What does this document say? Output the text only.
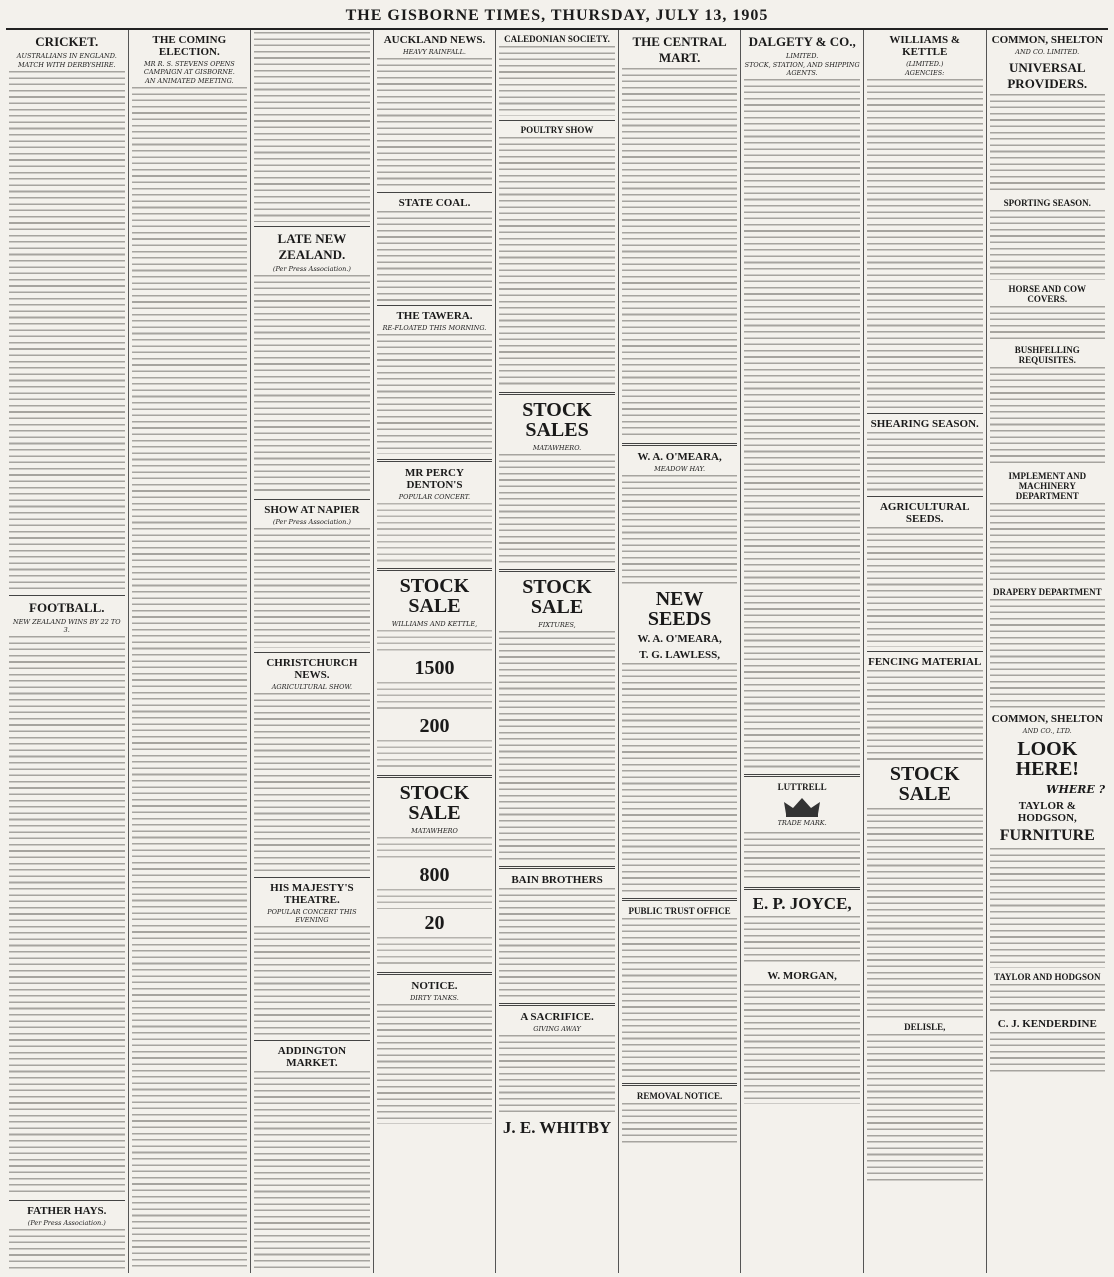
THE GISBORNE TIMES, THURSDAY, JULY 13, 1905
CRICKET.
AUSTRALIANS IN ENGLAND.
MATCH WITH DERBYSHIRE.
FOOTBALL.
NEW ZEALAND WINS BY 22 TO 3.
FATHER HAYS.
(Per Press Association.)
THE COMING ELECTION.
MR R. S. STEVENS OPENS CAMPAIGN AT GISBORNE.
AN ANIMATED MEETING.
LATE NEW ZEALAND.
(Per Press Association.)
SHOW AT NAPIER
(Per Press Association.)
CHRISTCHURCH NEWS.
AGRICULTURAL SHOW.
HIS MAJESTY'S THEATRE.
POPULAR CONCERT THIS EVENING
ADDINGTON MARKET.
AUCKLAND NEWS.
HEAVY RAINFALL.
STATE COAL.
THE TAWERA.
RE-FLOATED THIS MORNING.
MR PERCY DENTON'S
POPULAR CONCERT.
STOCK SALE
WILLIAMS AND KETTLE,
1500
200
STOCK SALE
MATAWHERO
800
20
NOTICE.
DIRTY TANKS.
CALEDONIAN SOCIETY.
POULTRY SHOW
STOCK SALES
MATAWHERO.
STOCK SALE
FIXTURES,
BAIN BROTHERS
A SACRIFICE.
GIVING AWAY
J. E. WHITBY
THE CENTRAL MART.
W. A. O'MEARA,
MEADOW HAY.
NEW SEEDS
W. A. O'MEARA,
T. G. LAWLESS,
PUBLIC TRUST OFFICE
REMOVAL NOTICE.
DALGETY & CO.,
LIMITED.
STOCK, STATION, AND SHIPPING AGENTS.
LUTTRELL
TRADE MARK.
E. P. JOYCE,
W. MORGAN,
WILLIAMS & KETTLE
(LIMITED.)
AGENCIES:
SHEARING SEASON.
AGRICULTURAL SEEDS.
FENCING MATERIAL
STOCK SALE
DELISLE,
COMMON, SHELTON
AND CO. LIMITED.
UNIVERSAL PROVIDERS.
SPORTING SEASON.
HORSE AND COW COVERS.
BUSHFELLING REQUISITES.
IMPLEMENT AND MACHINERY DEPARTMENT
DRAPERY DEPARTMENT
COMMON, SHELTON
AND CO., LTD.
LOOK HERE!
WHERE ?
TAYLOR & HODGSON,
FURNITURE
TAYLOR AND HODGSON
C. J. KENDERDINE
